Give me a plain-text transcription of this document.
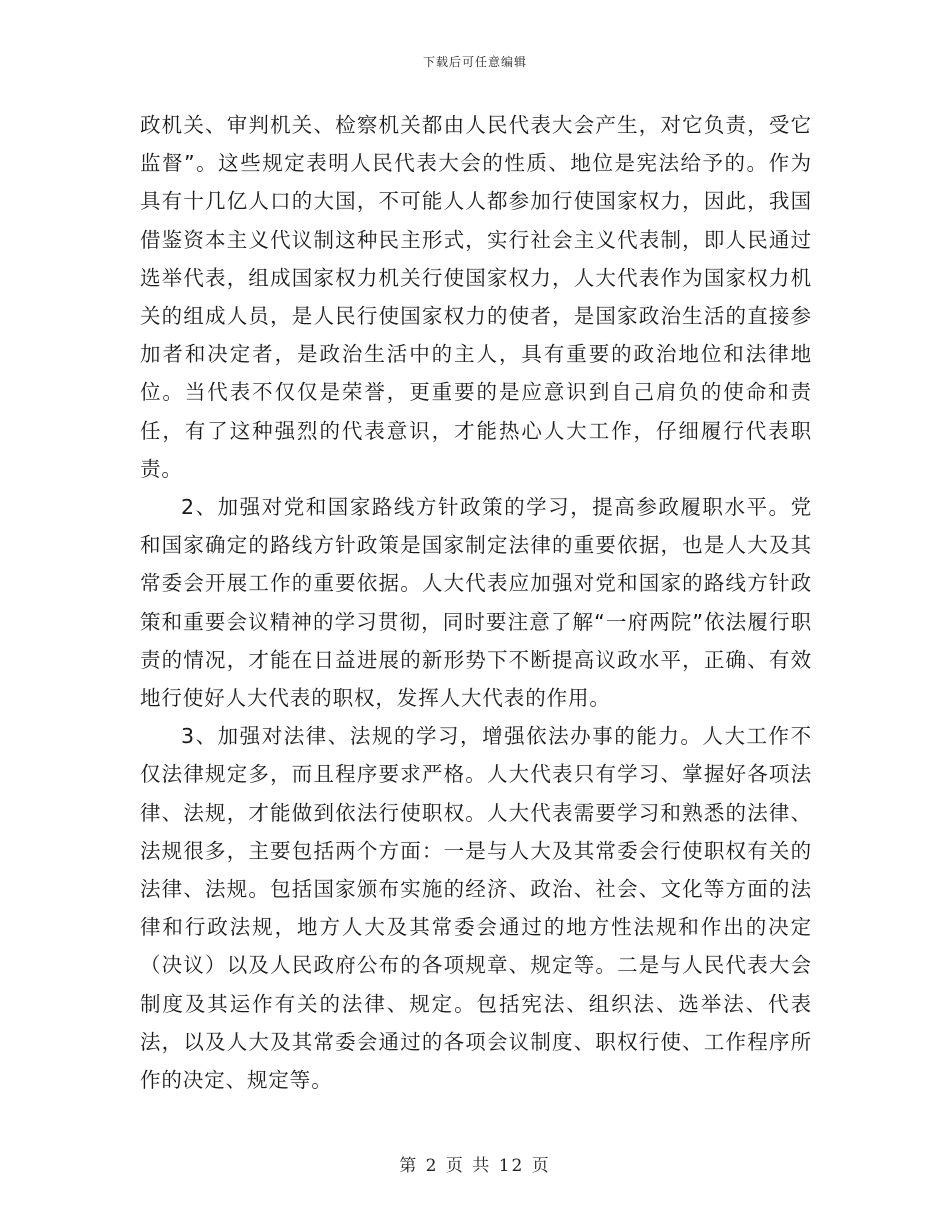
下载后可任意编辑

政机关、审判机关、检察机关都由人民代表大会产生，对它负责，受它监督”。这些规定表明人民代表大会的性质、地位是宪法给予的。作为具有十几亿人口的大国，不可能人人都参加行使国家权力，因此，我国借鉴资本主义代议制这种民主形式，实行社会主义代表制，即人民通过选举代表，组成国家权力机关行使国家权力，人大代表作为国家权力机关的组成人员，是人民行使国家权力的使者，是国家政治生活的直接参加者和决定者，是政治生活中的主人，具有重要的政治地位和法律地位。当代表不仅仅是荣誉，更重要的是应意识到自己肩负的使命和责任，有了这种强烈的代表意识，才能热心人大工作，仔细履行代表职责。

2、加强对党和国家路线方针政策的学习，提高参政履职水平。党和国家确定的路线方针政策是国家制定法律的重要依据，也是人大及其常委会开展工作的重要依据。人大代表应加强对党和国家的路线方针政策和重要会议精神的学习贯彻，同时要注意了解“一府两院”依法履行职责的情况，才能在日益进展的新形势下不断提高议政水平，正确、有效地行使好人大代表的职权，发挥人大代表的作用。

3、加强对法律、法规的学习，增强依法办事的能力。人大工作不仅法律规定多，而且程序要求严格。人大代表只有学习、掌握好各项法律、法规，才能做到依法行使职权。人大代表需要学习和熟悉的法律、法规很多，主要包括两个方面：一是与人大及其常委会行使职权有关的法律、法规。包括国家颁布实施的经济、政治、社会、文化等方面的法律和行政法规，地方人大及其常委会通过的地方性法规和作出的决定（决议）以及人民政府公布的各项规章、规定等。二是与人民代表大会制度及其运作有关的法律、规定。包括宪法、组织法、选举法、代表法，以及人大及其常委会通过的各项会议制度、职权行使、工作程序所作的决定、规定等。

第 2 页 共 12 页
